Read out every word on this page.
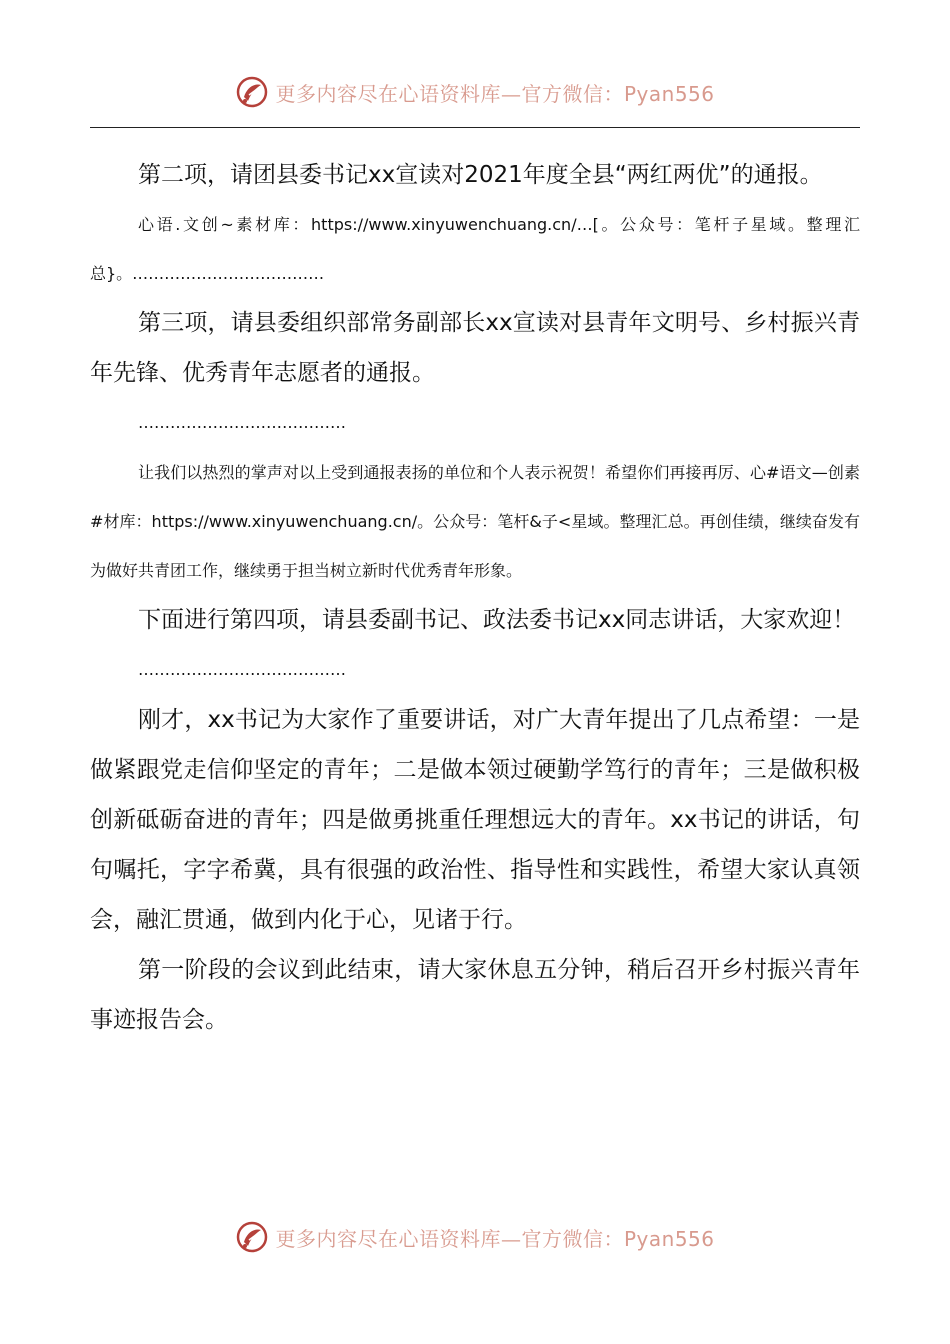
更多内容尽在心语资料库—官方微信：Pyan556

第二项，请团县委书记xx宣读对2021年度全县“两红两优”的通报。

心语.文创~素材库：https://www.xinyuwenchuang.cn/…[。公众号：笔杆子星域。整理汇总}。………………………………

第三项，请县委组织部常务副部长xx宣读对县青年文明号、乡村振兴青年先锋、优秀青年志愿者的通报。

…………………………………

让我们以热烈的掌声对以上受到通报表扬的单位和个人表示祝贺！希望你们再接再厉、心#语文—创素#材库：https://www.xinyuwenchuang.cn/。公众号：笔杆&子<星域。整理汇总。再创佳绩，继续奋发有为做好共青团工作，继续勇于担当树立新时代优秀青年形象。

下面进行第四项，请县委副书记、政法委书记xx同志讲话，大家欢迎！

…………………………………

刚才，xx书记为大家作了重要讲话，对广大青年提出了几点希望：一是做紧跟党走信仰坚定的青年；二是做本领过硬勤学笃行的青年；三是做积极创新砥砺奋进的青年；四是做勇挑重任理想远大的青年。xx书记的讲话，句句嘱托，字字希冀，具有很强的政治性、指导性和实践性，希望大家认真领会，融汇贯通，做到内化于心，见诸于行。

第一阶段的会议到此结束，请大家休息五分钟，稍后召开乡村振兴青年事迹报告会。

更多内容尽在心语资料库—官方微信：Pyan556
